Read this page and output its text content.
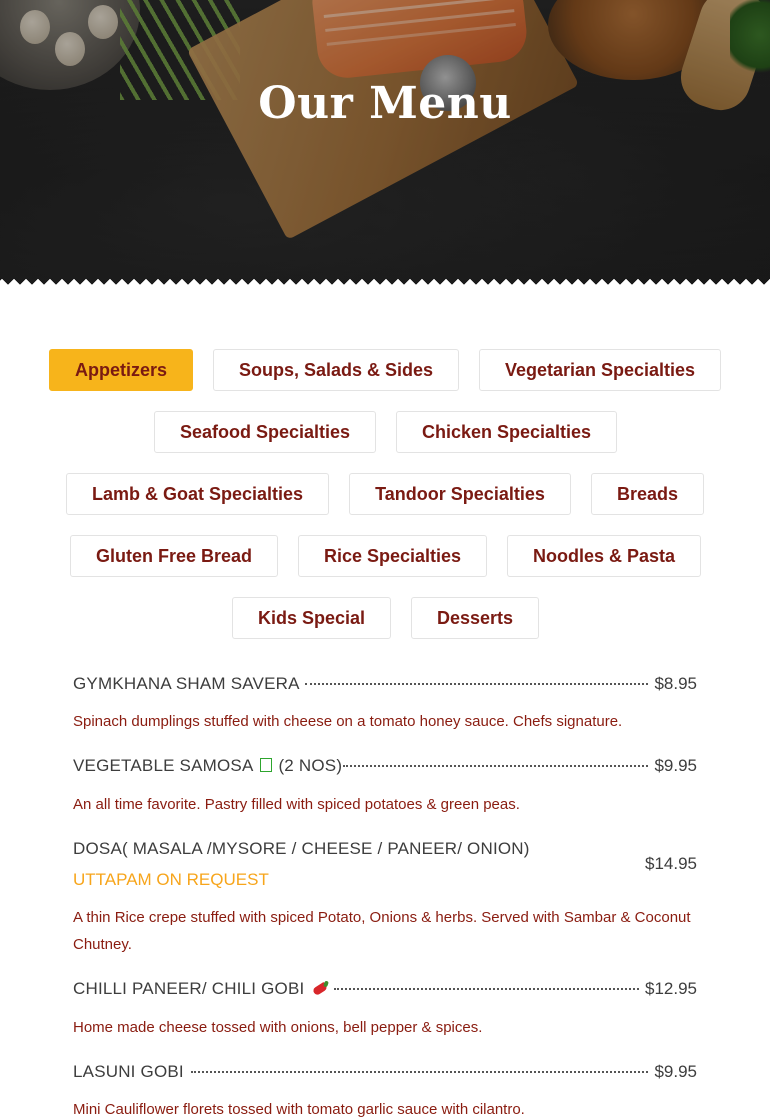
Our Menu
Appetizers	Soups, Salads & Sides	Vegetarian Specialties
Seafood Specialties	Chicken Specialties
Lamb & Goat Specialties	Tandoor Specialties	Breads
Gluten Free Bread	Rice Specialties	Noodles & Pasta
Kids Special	Desserts
GYMKHANA SHAM SAVERA	$8.95
Spinach dumplings stuffed with cheese on a tomato honey sauce. Chefs signature.
VEGETABLE SAMOSA (2 NOS)	$9.95
An all time favorite. Pastry filled with spiced potatoes & green peas.
DOSA( MASALA /MYSORE / CHEESE / PANEER/ ONION)
UTTAPAM ON REQUEST
$14.95
A thin Rice crepe stuffed with spiced Potato, Onions & herbs. Served with Sambar & Coconut Chutney.
CHILLI PANEER/ CHILI GOBI	$12.95
Home made cheese tossed with onions, bell pepper & spices.
LASUNI GOBI	$9.95
Mini Cauliflower florets tossed with tomato garlic sauce with cilantro.
